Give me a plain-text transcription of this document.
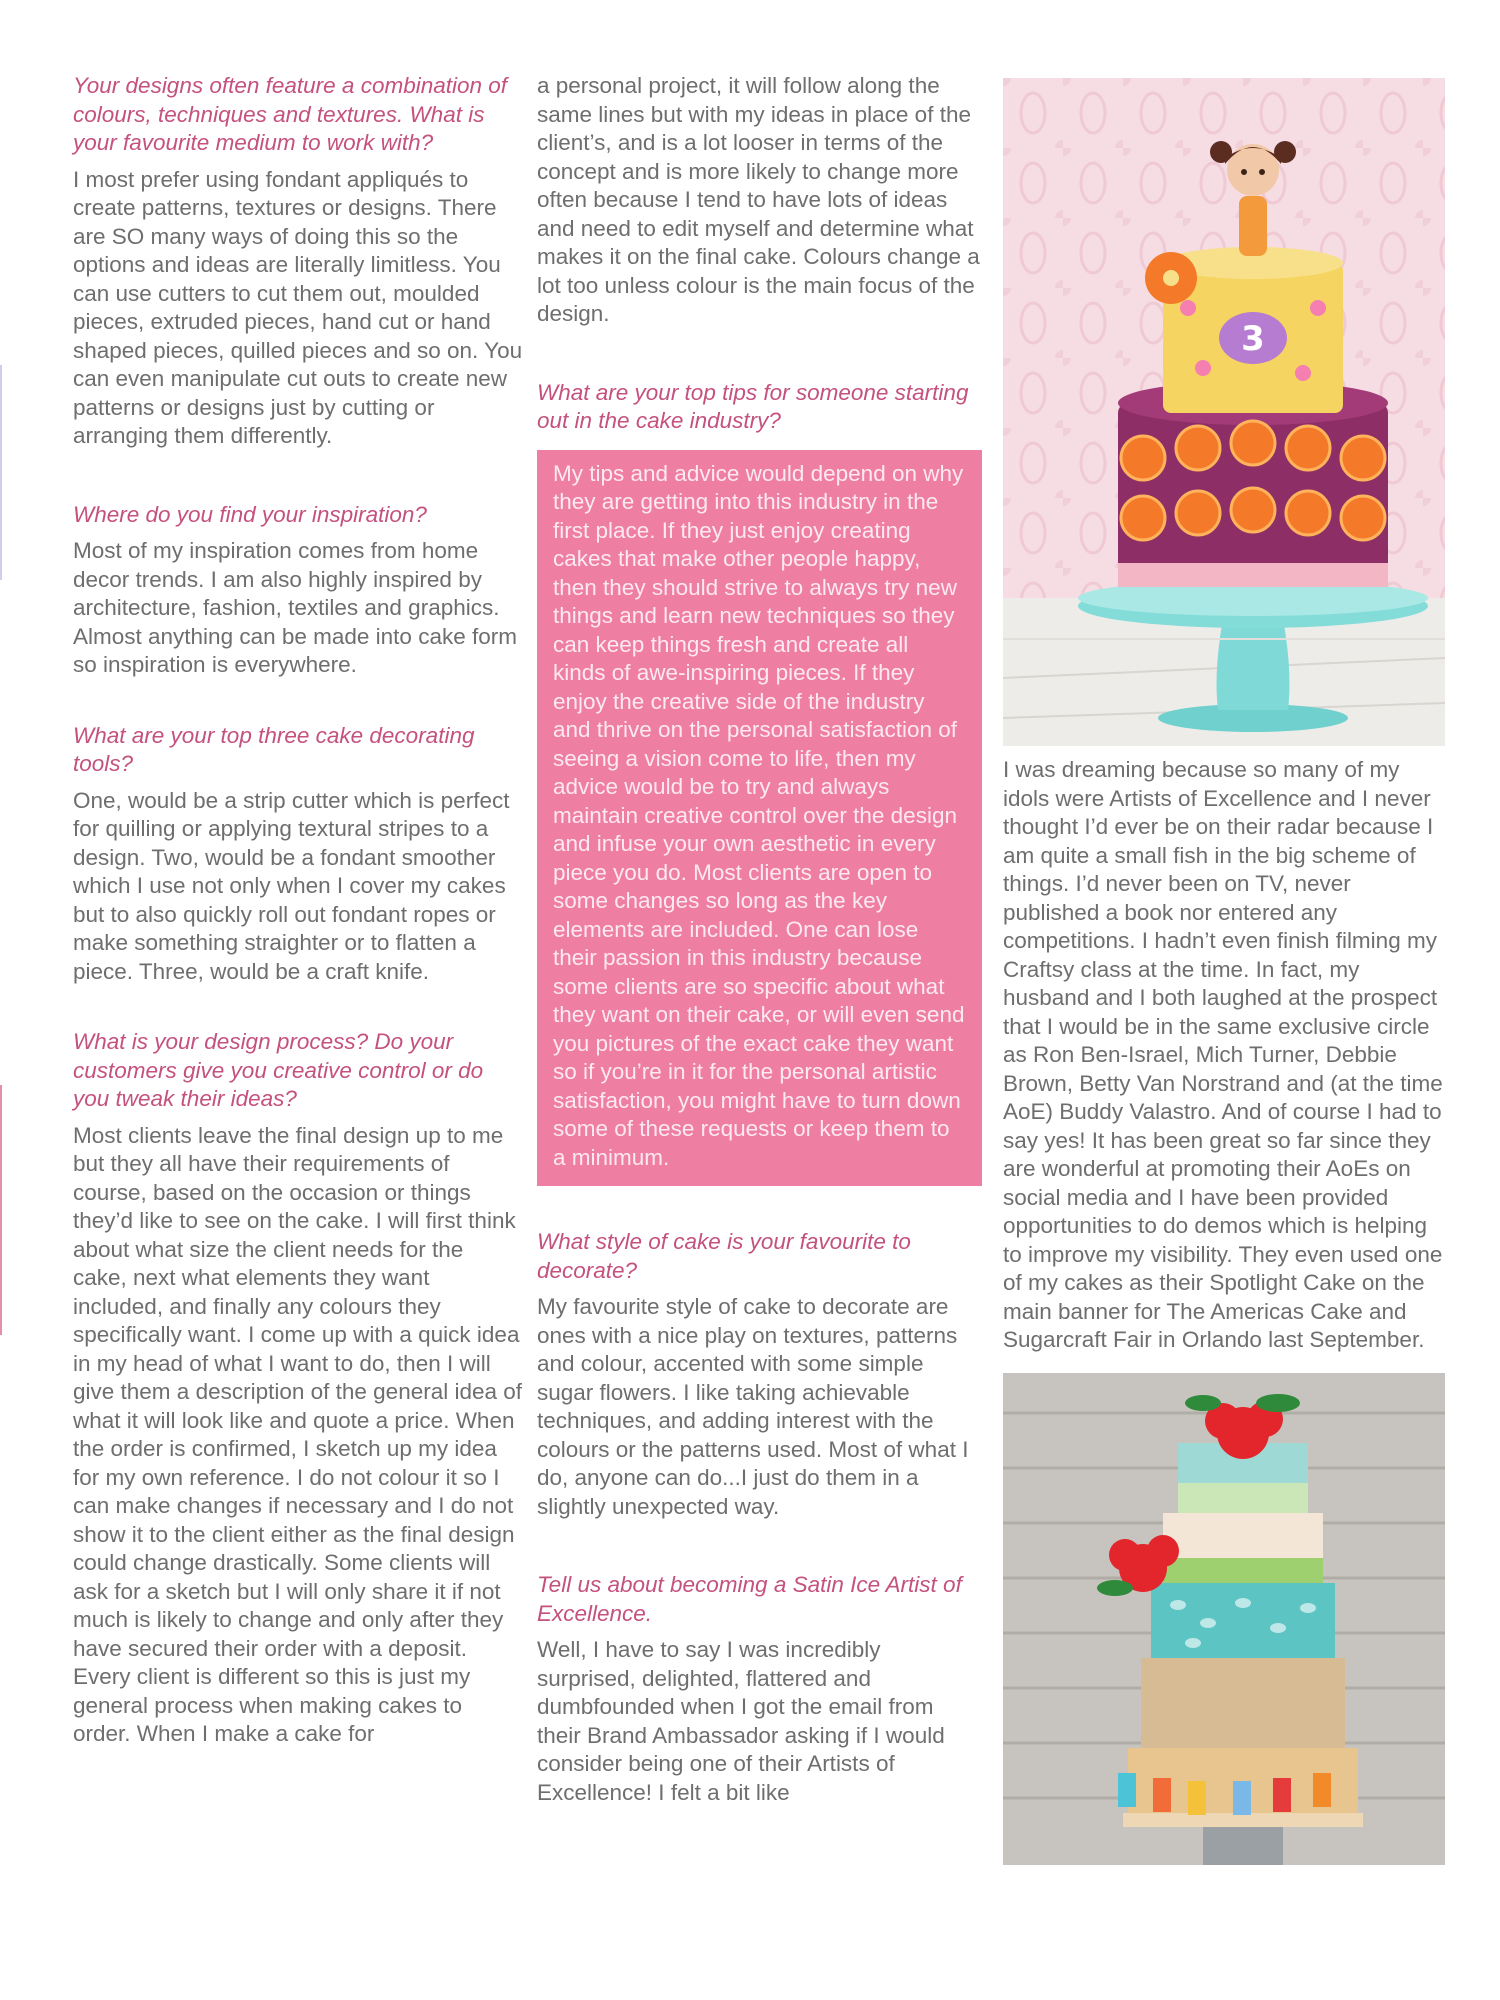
Your designs often feature a combination of colours, techniques and textures. What is your favourite medium to work with?

I most prefer using fondant appliqués to create patterns, textures or designs. There are SO many ways of doing this so the options and ideas are literally limitless. You can use cutters to cut them out, moulded pieces, extruded pieces, hand cut or hand shaped pieces, quilled pieces and so on. You can even manipulate cut outs to create new patterns or designs just by cutting or arranging them differently.

Where do you find your inspiration?

Most of my inspiration comes from home decor trends. I am also highly inspired by architecture, fashion, textiles and graphics. Almost anything can be made into cake form so inspiration is everywhere.

What are your top three cake decorating tools?

One, would be a strip cutter which is perfect for quilling or applying textural stripes to a design. Two, would be a fondant smoother which I use not only when I cover my cakes but to also quickly roll out fondant ropes or make something straighter or to flatten a piece. Three, would be a craft knife.

What is your design process? Do your customers give you creative control or do you tweak their ideas?

Most clients leave the final design up to me but they all have their requirements of course, based on the occasion or things they’d like to see on the cake. I will first think about what size the client needs for the cake, next what elements they want included, and finally any colours they specifically want. I come up with a quick idea in my head of what I want to do, then I will give them a description of the general idea of what it will look like and quote a price. When the order is confirmed, I sketch up my idea for my own reference. I do not colour it so I can make changes if necessary and I do not show it to the client either as the final design could change drastically. Some clients will ask for a sketch but I will only share it if not much is likely to change and only after they have secured their order with a deposit. Every client is different so this is just my general process when making cakes to order. When I make a cake for

a personal project, it will follow along the same lines but with my ideas in place of the client’s, and is a lot looser in terms of the concept and is more likely to change more often because I tend to have lots of ideas and need to edit myself and determine what makes it on the final cake. Colours change a lot too unless colour is the main focus of the design.

What are your top tips for someone starting out in the cake industry?

My tips and advice would depend on why they are getting into this industry in the first place. If they just enjoy creating cakes that make other people happy, then they should strive to always try new things and learn new techniques so they can keep things fresh and create all kinds of awe-inspiring pieces. If they enjoy the creative side of the industry and thrive on the personal satisfaction of seeing a vision come to life, then my advice would be to try and always maintain creative control over the design and infuse your own aesthetic in every piece you do. Most clients are open to some changes so long as the key elements are included. One can lose their passion in this industry because some clients are so specific about what they want on their cake, or will even send you pictures of the exact cake they want so if you’re in it for the personal artistic satisfaction, you might have to turn down some of these requests or keep them to a minimum.

What style of cake is your favourite to decorate?

My favourite style of cake to decorate are ones with a nice play on textures, patterns and colour, accented with some simple sugar flowers. I like taking achievable techniques, and adding interest with the colours or the patterns used. Most of what I do, anyone can do...I just do them in a slightly unexpected way.

Tell us about becoming a Satin Ice Artist of Excellence.

Well, I have to say I was incredibly surprised, delighted, flattered and dumbfounded when I got the email from their Brand Ambassador asking if I would consider being one of their Artists of Excellence! I felt a bit like

3

I was dreaming because so many of my idols were Artists of Excellence and I never thought I’d ever be on their radar because I am quite a small fish in the big scheme of things. I’d never been on TV, never published a book nor entered any competitions. I hadn’t even finish filming my Craftsy class at the time. In fact, my husband and I both laughed at the prospect that I would be in the same exclusive circle as Ron Ben-Israel, Mich Turner, Debbie Brown, Betty Van Norstrand and (at the time AoE) Buddy Valastro. And of course I had to say yes! It has been great so far since they are wonderful at promoting their AoEs on social media and I have been provided opportunities to do demos which is helping to improve my visibility. They even used one of my cakes as their Spotlight Cake on the main banner for The Americas Cake and Sugarcraft Fair in Orlando last September.
